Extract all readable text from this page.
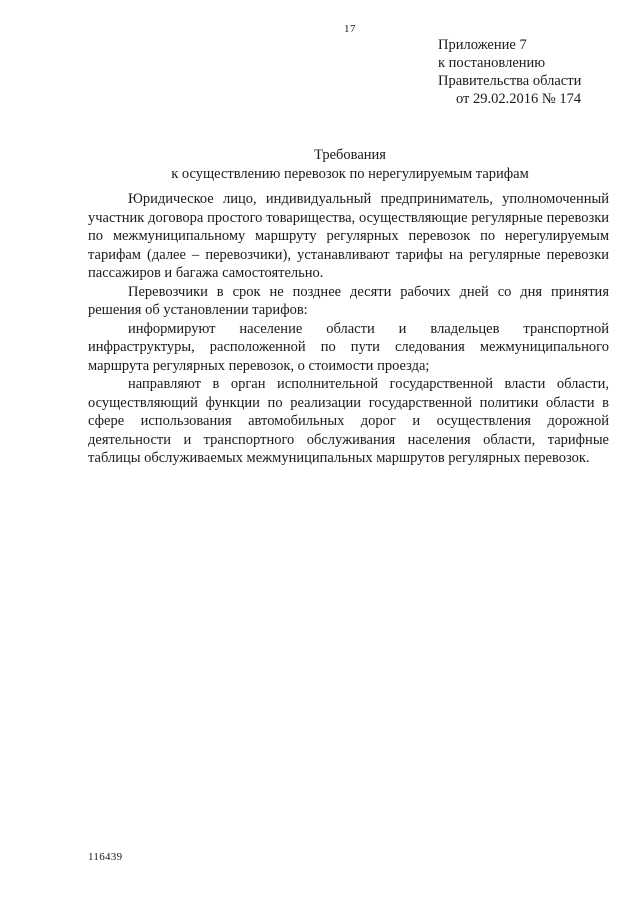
17
Приложение 7
к постановлению
Правительства области
от 29.02.2016 № 174
Требования
к осуществлению перевозок по нерегулируемым тарифам

Юридическое лицо, индивидуальный предприниматель, уполномоченный участник договора простого товарищества, осуществляющие регулярные перевозки по межмуниципальному маршруту регулярных перевозок по нерегулируемым тарифам (далее – перевозчики), устанавливают тарифы на регулярные перевозки пассажиров и багажа самостоятельно.

Перевозчики в срок не позднее десяти рабочих дней со дня принятия решения об установлении тарифов:

информируют население области и владельцев транспортной инфраструктуры, расположенной по пути следования межмуниципального маршрута регулярных перевозок, о стоимости проезда;

направляют в орган исполнительной государственной власти области, осуществляющий функции по реализации государственной политики области в сфере использования автомобильных дорог и осуществления дорожной деятельности и транспортного обслуживания населения области, тарифные таблицы обслуживаемых межмуниципальных маршрутов регулярных перевозок.

116439
